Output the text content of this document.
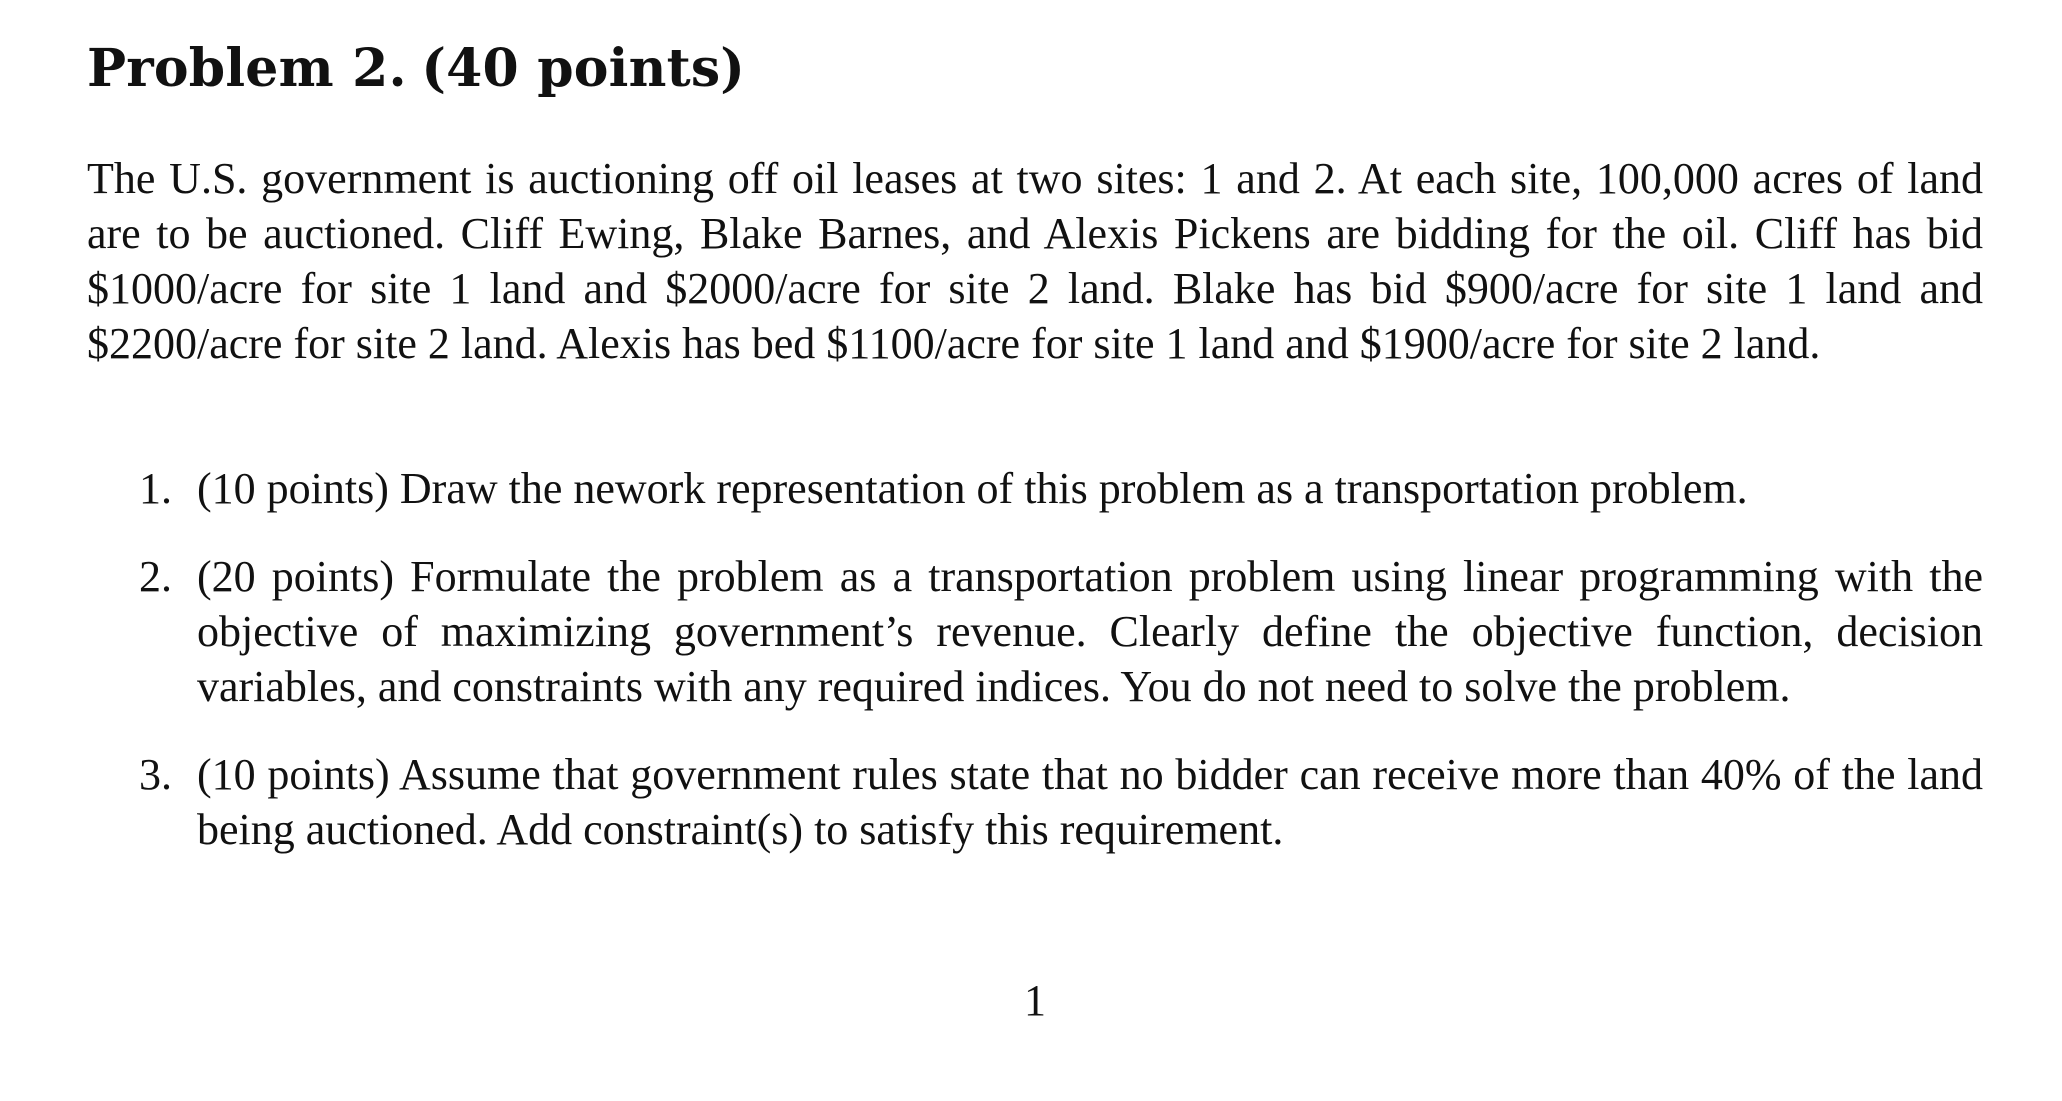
Problem 2. (40 points)

The U.S. government is auctioning off oil leases at two sites: 1 and 2. At each site, 100,000 acres of land are to be auctioned. Cliff Ewing, Blake Barnes, and Alexis Pickens are bidding for the oil. Cliff has bid $1000/acre for site 1 land and $2000/acre for site 2 land. Blake has bid $900/acre for site 1 land and $2200/acre for site 2 land. Alexis has bed $1100/acre for site 1 land and $1900/acre for site 2 land.

1. (10 points) Draw the nework representation of this problem as a transportation problem.
2. (20 points) Formulate the problem as a transportation problem using linear programming with the objective of maximizing government’s revenue. Clearly define the objective function, decision variables, and constraints with any required indices. You do not need to solve the problem.
3. (10 points) Assume that government rules state that no bidder can receive more than 40% of the land being auctioned. Add constraint(s) to satisfy this requirement.
1
